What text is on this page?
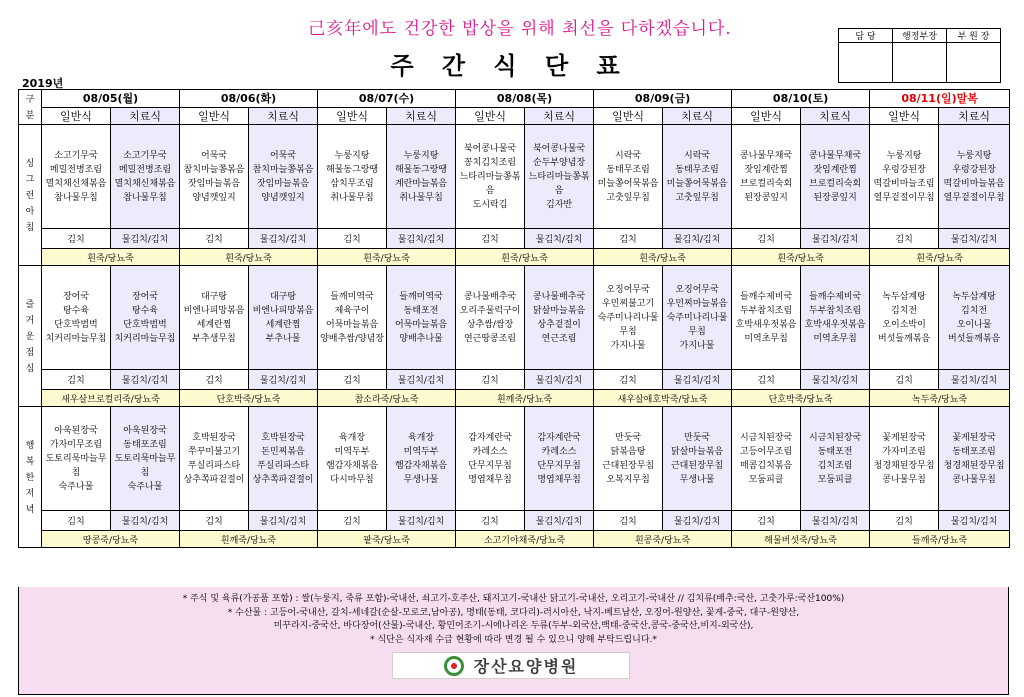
己亥年에도 건강한 밥상을 위해 최선을 다하겠습니다.
주 간 식 단 표
2019년
담 당	행정부장	부 원 장

구
분	08/05(월)		08/06(화)		08/07(수)		08/08(목)		08/09(금)		08/10(토)		08/11(일)말복	
	일반식	치료식	일반식	치료식	일반식	치료식	일반식	치료식	일반식	치료식	일반식	치료식	일반식	치료식

싱
그
런
아
침	소고기무국
메밀전병조림
멸치채신채볶음
참나물무침	소고기무국
메밀전병조림
멸치채신채볶음
참나물무침	어묵국
참치마늘쫑볶음
잣임마늘볶음
양념깻잎지	어묵국
참치마늘쫑볶음
잣임마늘볶음
양념깻잎지	누룽지탕
해물동그랑땡
삼치무조림
취나물무침	누룽지탕
해물동그랑땡
계란마늘볶음
취나물무침	북어콩나물국
꽁치김치조림
느타리마늘쫑볶음
도시락김	북어콩나물국
순두부양념장
느타리마늘쫑볶음
김자반	시락국
동태무조림
미늘쫑어묵볶음
고춧잎무침	시락국
동태무조림
미늘쫑어묵볶음
고춧잎무침	콩나물무채국
잣임계란찜
브로컬리숙회
된장콩잎지	콩나물무채국
잣임계란찜
브로컬리숙회
된장콩잎지	누룽지탕
우렁강된장
떡갈비마늘조림
열무겉절이무침	누룽지탕
우렁강된장
떡갈비마늘볶음
열무겉절이무침

	김치	물김치/김치	김치	물김치/김치	김치	물김치/김치	김치	물김치/김치	김치	물김치/김치	김치	물김치/김치	김치	물김치/김치
	흰죽/당뇨죽		흰죽/당뇨죽		흰죽/당뇨죽		흰죽/당뇨죽		흰죽/당뇨죽		흰죽/당뇨죽		흰죽/당뇨죽	

즐
거
운
점
심	장어국
탕수육
단호박범벅
치커리마늘무침	장어국
탕수육
단호박범벅
치커리마늘무침	대구탕
비엔나피망볶음
세계란찜
부추생무침	대구탕
비엔나피망볶음
세계란찜
부추나물	들깨미역국
제육구이
어묵마늘볶음
양배추쌈/양념장	들깨미역국
동태포전
어묵마늘볶음
양배추나물	콩나물배추국
오리주물럭구이
상추쌈/쌈장
연근땅콩조림	콩나물배추국
닭살마늘볶음
상추겉절이
연근조림	오징어무국
우민찌불고기
숙주미나리나물무침
가지나물	오징어무국
우민찌마늘볶음
숙주미나리나물무침
가지나물	들깨수제비국
두부참치조림
호박새우젓볶음
미역초무침	들깨수제비국
두부참치조림
호박새우젓볶음
미역초무침	녹두삼계탕
김치전
오이소박이
버섯들깨볶음	녹두삼계탕
김치전
오이나물
버섯들깨볶음

	김치	물김치/김치	김치	물김치/김치	김치	물김치/김치	김치	물김치/김치	김치	물김치/김치	김치	물김치/김치	김치	물김치/김치
	새우살브로컬리죽/당뇨죽		단호박죽/당뇨죽		참소라죽/당뇨죽		흰깨죽/당뇨죽		새우살애호박죽/당뇨죽		단호박죽/당뇨죽		녹두죽/당뇨죽	

행
복
한
저
녁	아욱된장국
가자미무조림
도토리묵마늘무침
숙주나물	아욱된장국
동태포조림
도토리묵마늘무침
숙주나물	호박된장국
쭈꾸미불고기
푸실리파스타
상추쪽파겉절이	호박된장국
돈민찌볶음
푸실리파스타
상추쪽파겉절이	육개장
미역두부
햄감자채볶음
다시마무침	육개장
미역두부
햄감자채볶음
무생나물	감자계란국
카레소스
단무지무침
명엽채무침	감자계란국
카레소스
단무지무침
명엽채무침	만둣국
닭볶음탕
근대된장무침
오복지무침	만둣국
닭살마늘볶음
근대된장무침
무생나물	시금치된장국
고등어무조림
매콤김치볶음
모둠피클	시금치된장국
동태포전
김치조림
모둠피클	꽃게된장국
가자미조림
청경채된장무침
콩나물무침	꽃게된장국
동태포조림
청경채된장무침
콩나물무침

	김치	물김치/김치	김치	물김치/김치	김치	물김치/김치	김치	물김치/김치	김치	물김치/김치	김치	물김치/김치	김치	물김치/김치
	땅콩죽/당뇨죽		흰깨죽/당뇨죽		팥죽/당뇨죽		소고기야채죽/당뇨죽		흰콩죽/당뇨죽		해물버섯죽/당뇨죽		들깨죽/당뇨죽	
* 주식 및 육류(가공품 포함) : 쌀(누룽지, 죽류 포함)-국내산, 쇠고기-호주산, 돼지고기-국내산 닭고기-국내산, 오리고기-국내산 // 김치류(배추:국산, 고춧가루:국산100%)
* 수산물 : 고등어-국내산, 갈치-세네갈(순살-모로코,남아공), 명태(동태, 코다리)-러시아산, 낙지-베트남산, 오징어-원양산, 꽃게-중국, 대구-원양산,
미꾸라지-중국산, 바다장어(산물)-국내산, 황민어조기-시에나리온 두류(두부-외국산,백태-중국산,콩국-중국산,비지-외국산),
* 식단은 식자재 수급 현황에 따라 변경 될 수 있으니 양해 부탁드립니다.*
장산요양병원
